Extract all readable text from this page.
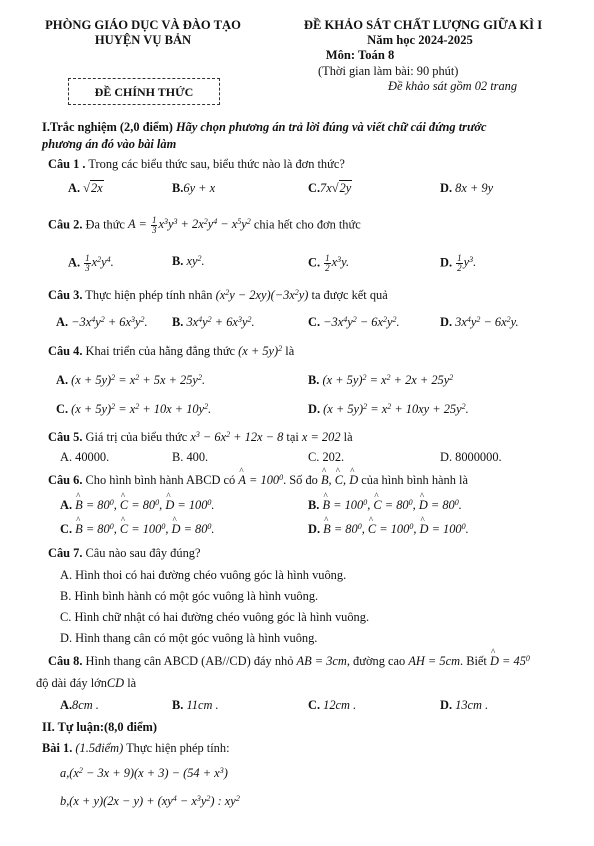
PHÒNG GIÁO DỤC VÀ ĐÀO TẠO
HUYỆN VỤ BẢN
ĐỀ CHÍNH THỨC
ĐỀ KHẢO SÁT CHẤT LƯỢNG GIỮA KÌ I
Năm học 2024-2025
Môn: Toán 8
(Thời gian làm bài: 90 phút)
Đề khảo sát gồm 02 trang
I.Trắc nghiệm (2,0 điểm) Hãy chọn phương án trả lời đúng và viết chữ cái đứng trước
phương án đó vào bài làm
Câu 1 . Trong các biểu thức sau, biểu thức nào là đơn thức?
A. √2x	B.6y + x	C.7x√2y	D. 8x + 9y
Câu 2. Đa thức $A = \frac{1}{3} x^3y^3 + 2x^2y^4 - x^5y^2$ chia hết cho đơn thức
A. $\frac{1}{3} x^2y^4$.	B. $xy^2$.	C. $\frac{1}{2} x^3y$.	D. $\frac{1}{2} y^3$.
Câu 3. Thực hiện phép tính nhân $(x^2y - 2xy)(-3x^2y)$ ta được kết quả
A. $-3x^4y^2 + 6x^3y^2$. B. $3x^4y^2 + 6x^3y^2$.	C. $-3x^4y^2 - 6x^2y^2$.	D. $3x^4y^2 - 6x^2y$.
Câu 4. Khai triển của hằng đẳng thức $(x + 5y)^2$ là
A. $(x + 5y)^2 = x^2 + 5x + 25y^2$.	B. $(x + 5y)^2 = x^2 + 2x + 25y^2$
C. $(x + 5y)^2 = x^2 + 10x + 10y^2$.	D. $(x + 5y)^2 = x^2 + 10xy + 25y^2$.
Câu 5. Giá trị của biểu thức $x^3 - 6x^2 + 12x - 8$ tại x = 202 là
A. 40000.	B. 400.	C. 202.	D. 8000000.
Câu 6. Cho hình bình hành ABCD có ^ $A = 100^0$. Số đo ^ B, ^ C, ^ D của hình bình hành là
A. ^ $B = 80^0$, ^ $C = 80^0$, ^ $D = 100^0$.	B. ^ $B = 100^0$, ^ $C = 80^0$, ^ $D = 80^0$.
C. ^ $B = 80^0$, ^ $C = 100^0$, ^ $D = 80^0$.	D. ^ $B = 80^0$, ^ $C = 100^0$, ^ $D = 100^0$.
Câu 7. Câu nào sau đây đúng?
A. Hình thoi có hai đường chéo vuông góc là hình vuông.
B. Hình bình hành có một góc vuông là hình vuông.
C. Hình chữ nhật có hai đường chéo vuông góc là hình vuông.
D. Hình thang cân có một góc vuông là hình vuông.
Câu 8. Hình thang cân ABCD (AB//CD) đáy nhỏ AB = 3cm, đường cao AH = 5cm. Biết ^ $D = 45^0$
độ dài đáy lớnCD là
A.8cm .	B. 11cm .	C. 12cm .	D. 13cm .
II. Tự luận:(8,0 điểm)
Bài 1. (1.5điểm) Thực hiện phép tính:
$a,(x^2 - 3x + 9)(x + 3) - (54 + x^3)$
$b,(x + y)(2x - y) + (xy^4 - x^3y^2)$ : $xy^2$
